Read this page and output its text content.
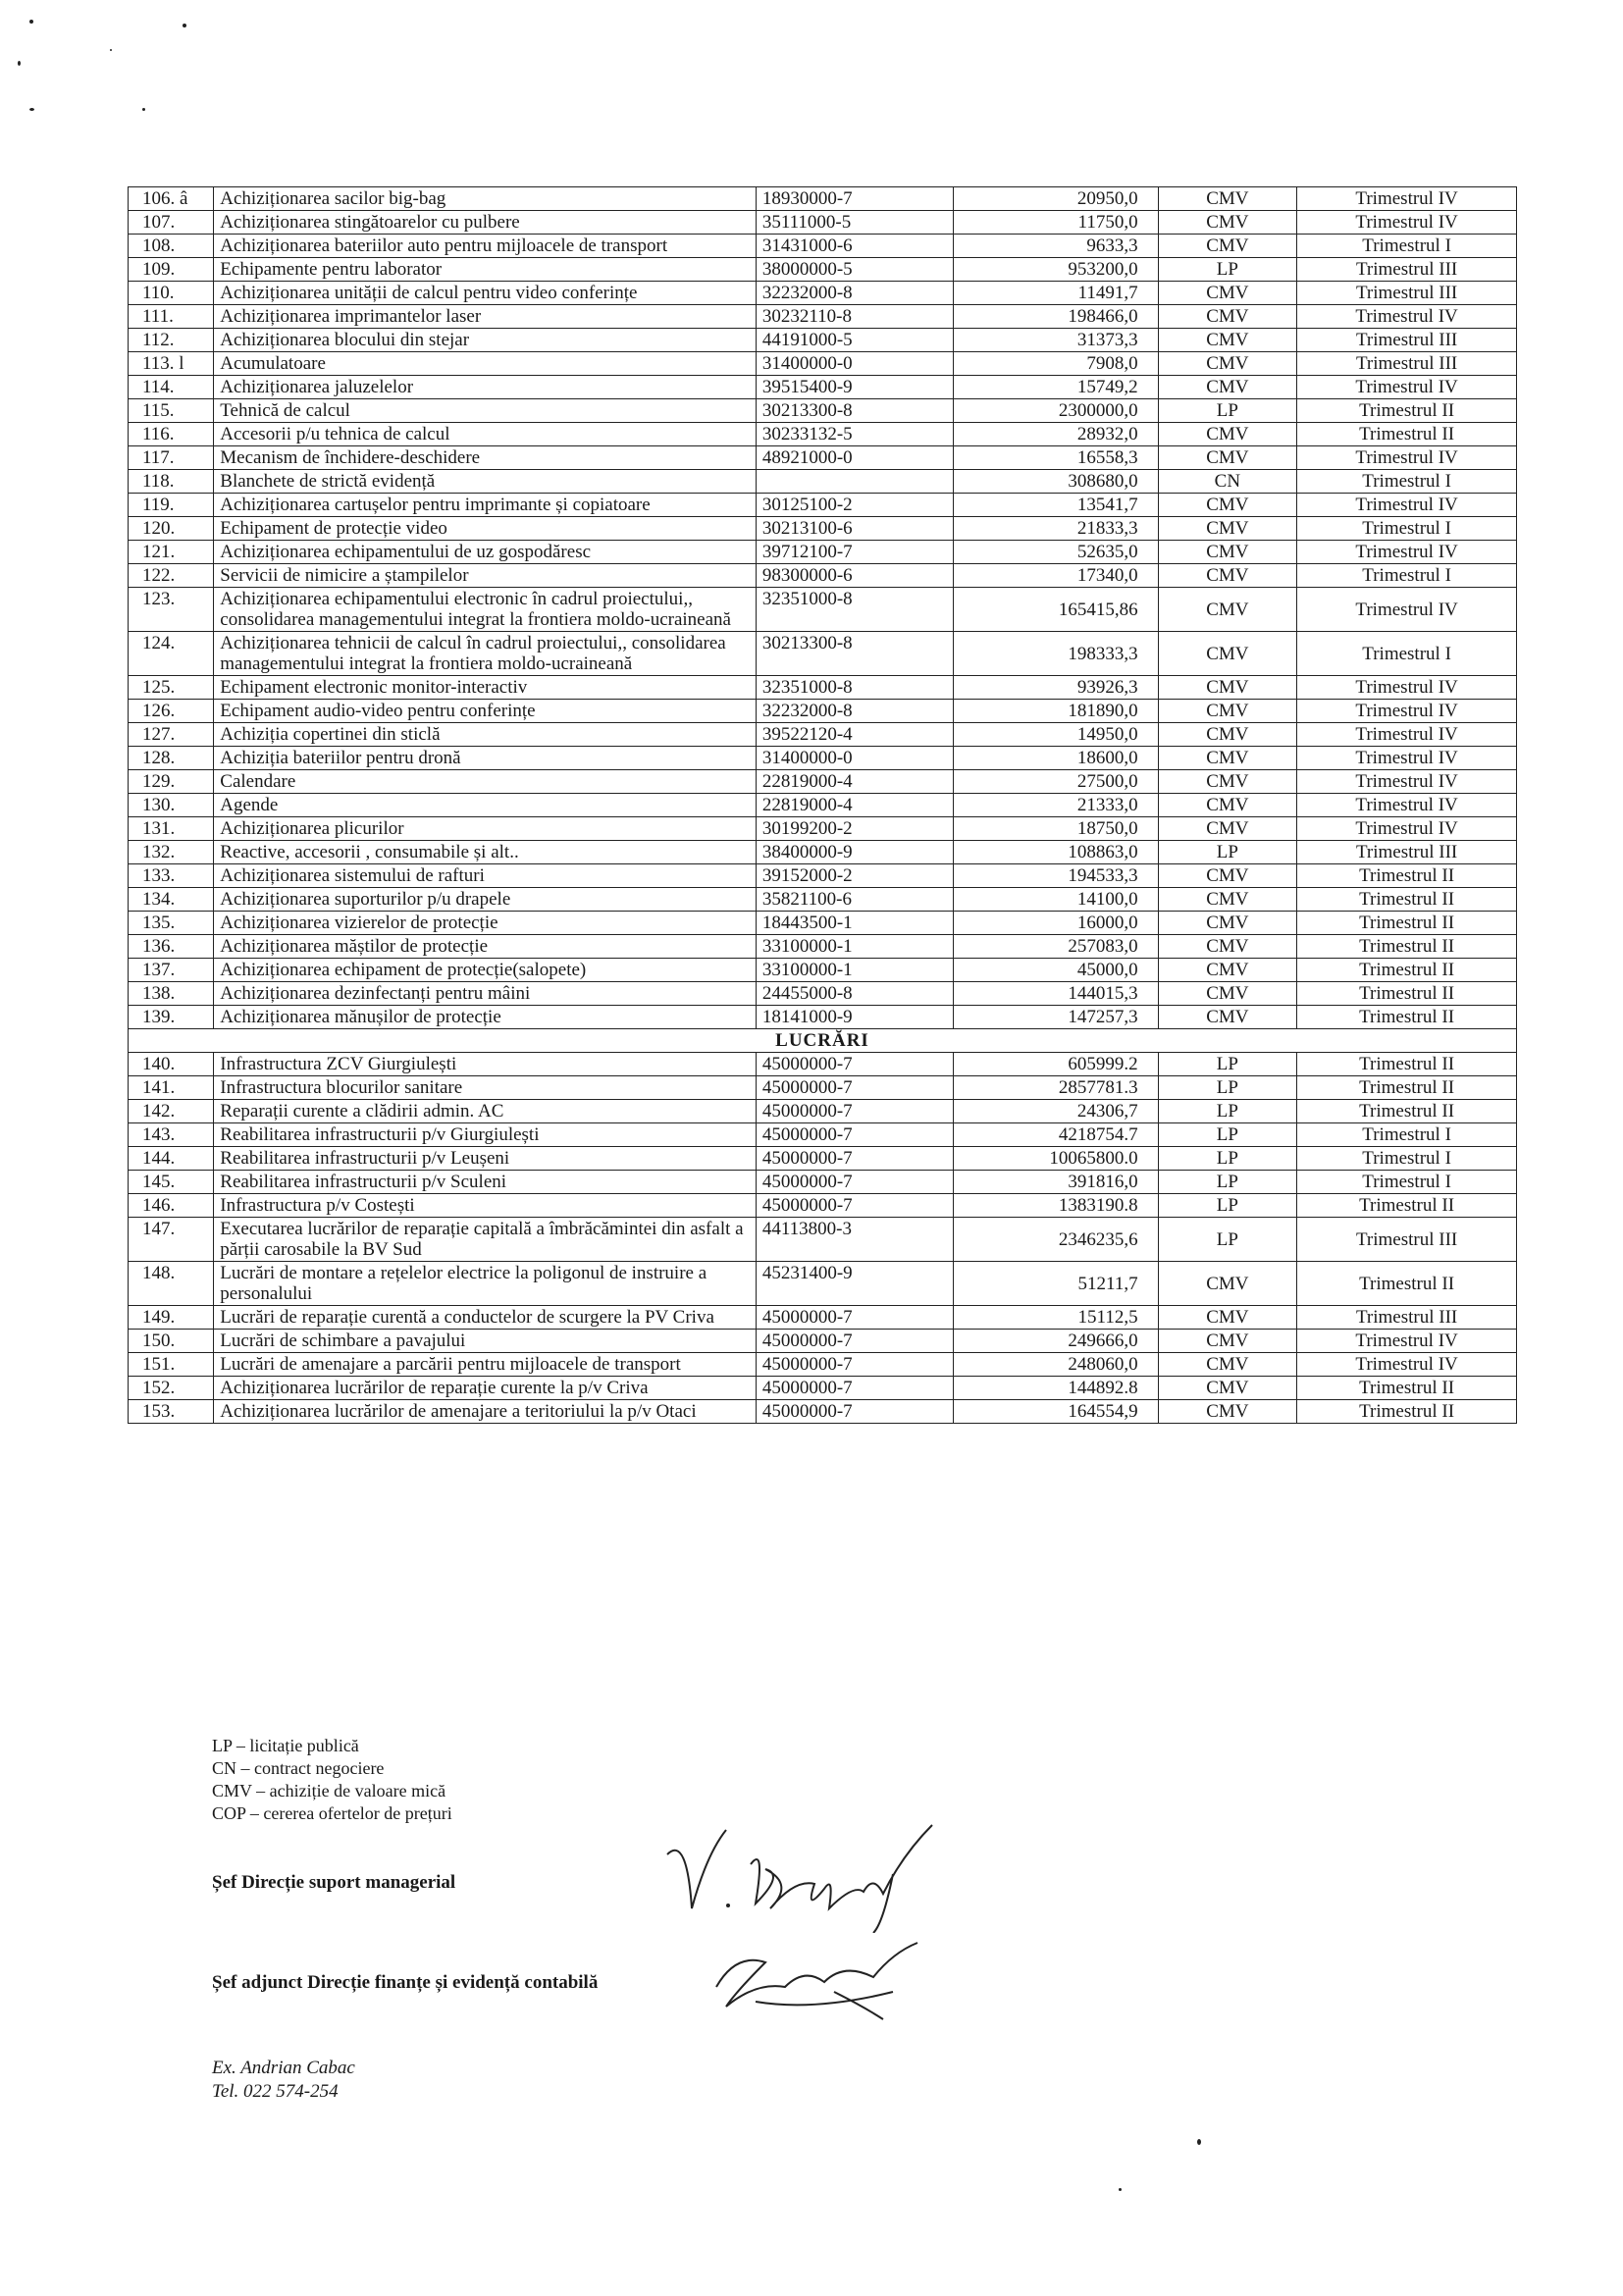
106. â	Achiziționarea sacilor big-bag	18930000-7	20950,0	CMV	Trimestrul IV
107.	Achiziționarea stingătoarelor cu pulbere	35111000-5	11750,0	CMV	Trimestrul IV
108.	Achiziționarea bateriilor auto pentru mijloacele de transport	31431000-6	9633,3	CMV	Trimestrul I
109.	Echipamente pentru laborator	38000000-5	953200,0	LP	Trimestrul III
110.	Achiziționarea unității de calcul pentru video conferințe	32232000-8	11491,7	CMV	Trimestrul III
111.	Achiziționarea imprimantelor laser	30232110-8	198466,0	CMV	Trimestrul IV
112.	Achiziționarea blocului din stejar	44191000-5	31373,3	CMV	Trimestrul III
113. l	Acumulatoare	31400000-0	7908,0	CMV	Trimestrul III
114.	Achiziționarea jaluzelelor	39515400-9	15749,2	CMV	Trimestrul IV
115.	Tehnică de calcul	30213300-8	2300000,0	LP	Trimestrul II
116.	Accesorii p/u tehnica de calcul	30233132-5	28932,0	CMV	Trimestrul II
117.	Mecanism de închidere-deschidere	48921000-0	16558,3	CMV	Trimestrul IV
118.	Blanchete de strictă evidență		308680,0	CN	Trimestrul I
119.	Achiziționarea cartușelor pentru imprimante și copiatoare	30125100-2	13541,7	CMV	Trimestrul IV
120.	Echipament de protecție video	30213100-6	21833,3	CMV	Trimestrul I
121.	Achiziționarea echipamentului de uz gospodăresc	39712100-7	52635,0	CMV	Trimestrul IV
122.	Servicii de nimicire a ștampilelor	98300000-6	17340,0	CMV	Trimestrul I
123.	Achiziționarea echipamentului electronic în cadrul proiectului,, consolidarea managementului integrat la frontiera moldo-ucraineană	32351000-8	165415,86	CMV	Trimestrul IV
124.	Achiziționarea tehnicii de calcul în cadrul proiectului,, consolidarea managementului integrat la frontiera moldo-ucraineană	30213300-8	198333,3	CMV	Trimestrul I
125.	Echipament electronic monitor-interactiv	32351000-8	93926,3	CMV	Trimestrul IV
126.	Echipament audio-video pentru conferințe	32232000-8	181890,0	CMV	Trimestrul IV
127.	Achiziția copertinei din sticlă	39522120-4	14950,0	CMV	Trimestrul IV
128.	Achiziția bateriilor pentru dronă	31400000-0	18600,0	CMV	Trimestrul IV
129.	Calendare	22819000-4	27500,0	CMV	Trimestrul IV
130.	Agende	22819000-4	21333,0	CMV	Trimestrul IV
131.	Achiziționarea plicurilor	30199200-2	18750,0	CMV	Trimestrul IV
132.	Reactive, accesorii , consumabile și alt..	38400000-9	108863,0	LP	Trimestrul III
133.	Achiziționarea sistemului de rafturi	39152000-2	194533,3	CMV	Trimestrul II
134.	Achiziționarea suporturilor p/u drapele	35821100-6	14100,0	CMV	Trimestrul II
135.	Achiziționarea vizierelor de protecție	18443500-1	16000,0	CMV	Trimestrul II
136.	Achiziționarea măștilor de protecție	33100000-1	257083,0	CMV	Trimestrul II
137.	Achiziționarea echipament de protecție(salopete)	33100000-1	45000,0	CMV	Trimestrul II
138.	Achiziționarea dezinfectanți pentru mâini	24455000-8	144015,3	CMV	Trimestrul II
139.	Achiziționarea mănușilor de protecție	18141000-9	147257,3	CMV	Trimestrul II
LUCRĂRI					
140.	Infrastructura ZCV Giurgiulești	45000000-7	605999.2	LP	Trimestrul II
141.	Infrastructura blocurilor sanitare	45000000-7	2857781.3	LP	Trimestrul II
142.	Reparații curente a clădirii admin. AC	45000000-7	24306,7	LP	Trimestrul II
143.	Reabilitarea infrastructurii p/v Giurgiulești	45000000-7	4218754.7	LP	Trimestrul I
144.	Reabilitarea infrastructurii p/v Leușeni	45000000-7	10065800.0	LP	Trimestrul I
145.	Reabilitarea infrastructurii p/v Sculeni	45000000-7	391816,0	LP	Trimestrul I
146.	Infrastructura p/v Costești	45000000-7	1383190.8	LP	Trimestrul II
147.	Executarea lucrărilor de reparație capitală a îmbrăcămintei din asfalt a părții carosabile la BV Sud	44113800-3	2346235,6	LP	Trimestrul III
148.	Lucrări de montare a rețelelor electrice la poligonul de instruire a personalului	45231400-9	51211,7	CMV	Trimestrul II
149.	Lucrări de reparație curentă a conductelor de scurgere la PV Criva	45000000-7	15112,5	CMV	Trimestrul III
150.	Lucrări de schimbare a pavajului	45000000-7	249666,0	CMV	Trimestrul IV
151.	Lucrări de amenajare a parcării pentru mijloacele de transport	45000000-7	248060,0	CMV	Trimestrul IV
152.	Achiziționarea lucrărilor de reparație curente la p/v Criva	45000000-7	144892.8	CMV	Trimestrul II
153.	Achiziționarea lucrărilor de amenajare a teritoriului la p/v Otaci	45000000-7	164554,9	CMV	Trimestrul II
LP – licitație publică
CN – contract negociere
CMV – achiziție de valoare mică
COP – cererea ofertelor de prețuri
Șef Direcție suport managerial
Șef adjunct Direcție finanțe și evidență contabilă
Ex. Andrian Cabac
Tel. 022 574-254
